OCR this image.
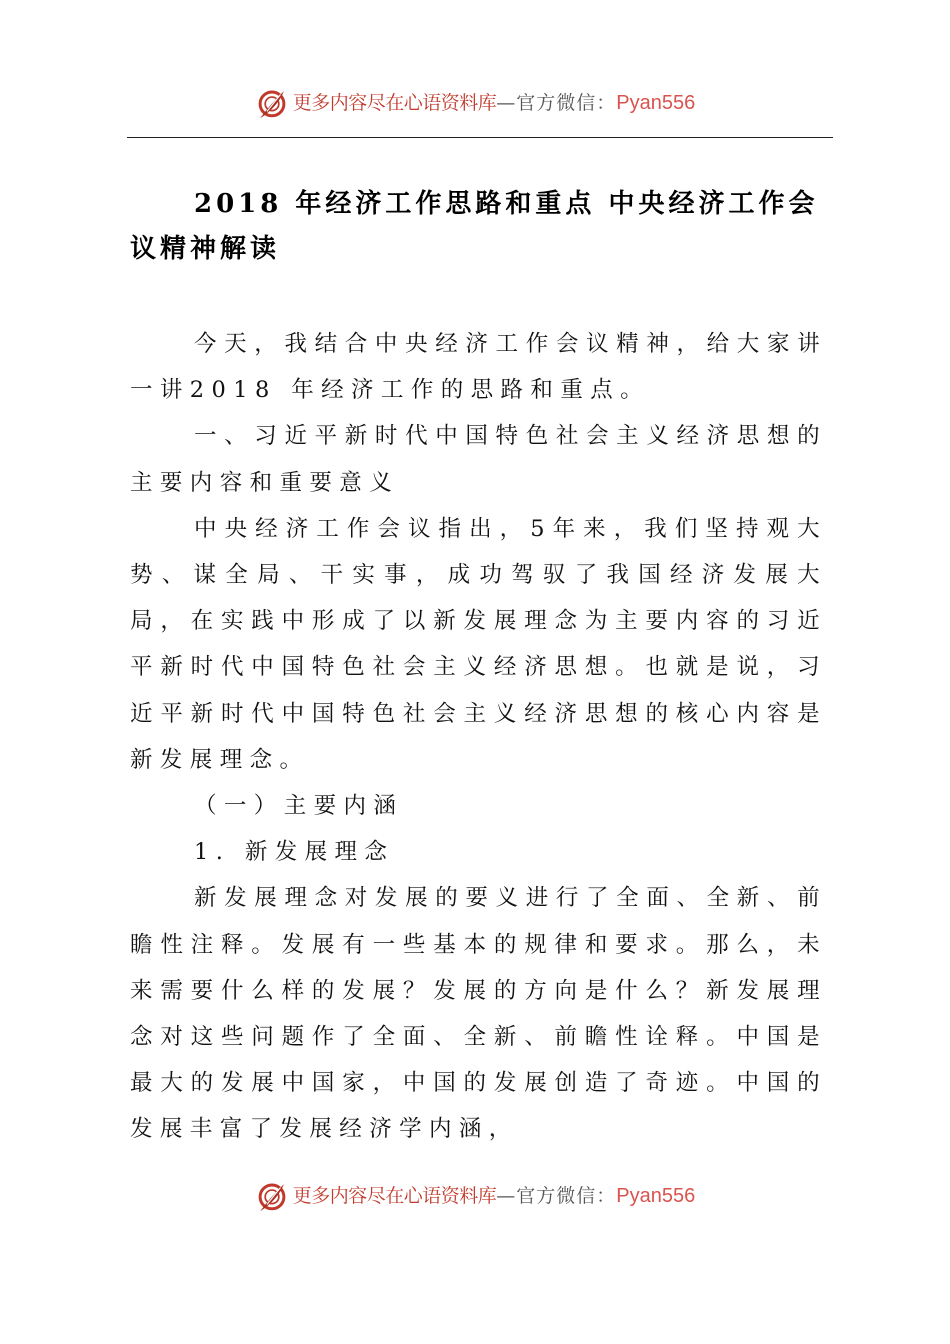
更多内容尽在心语资料库—官方微信：Pyan556
2018 年经济工作思路和重点 中央经济工作会议精神解读

今天，我结合中央经济工作会议精神，给大家讲一讲2018 年经济工作的思路和重点。

一、习近平新时代中国特色社会主义经济思想的主要内容和重要意义

中央经济工作会议指出，5年来，我们坚持观大势、谋全局、干实事，成功驾驭了我国经济发展大局，在实践中形成了以新发展理念为主要内容的习近平新时代中国特色社会主义经济思想。也就是说，习近平新时代中国特色社会主义经济思想的核心内容是新发展理念。

（一）主要内涵

1. 新发展理念

新发展理念对发展的要义进行了全面、全新、前瞻性注释。发展有一些基本的规律和要求。那么，未来需要什么样的发展？发展的方向是什么？新发展理念对这些问题作了全面、全新、前瞻性诠释。中国是最大的发展中国家，中国的发展创造了奇迹。中国的发展丰富了发展经济学内涵，

更多内容尽在心语资料库—官方微信：Pyan556
